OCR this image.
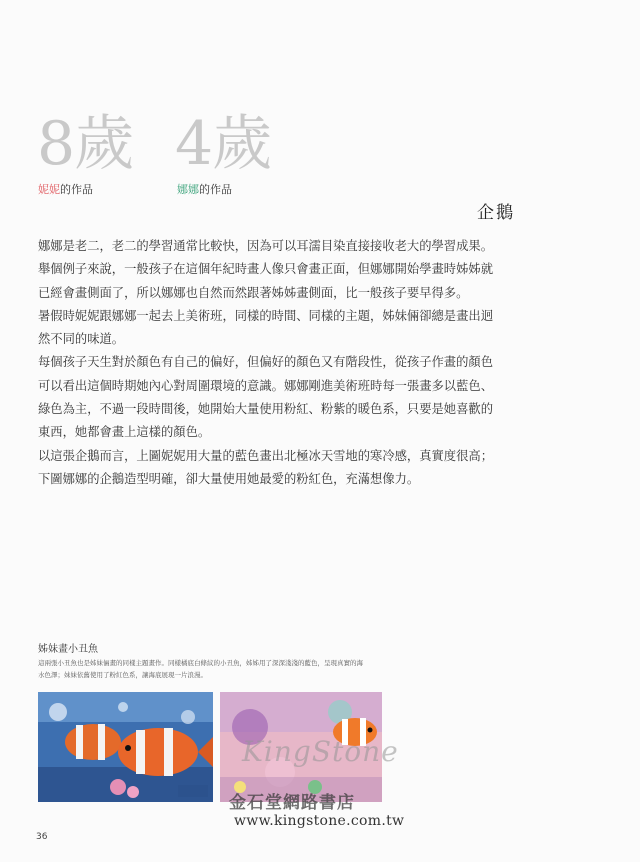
8歲 4歲
妮妮的作品	娜娜的作品
企鵝

娜娜是老二，老二的學習通常比較快，因為可以耳濡目染直接接收老大的學習成果。舉個例子來說，一般孩子在這個年紀時畫人像只會畫正面，但娜娜開始學畫時姊姊就已經會畫側面了，所以娜娜也自然而然跟著姊姊畫側面，比一般孩子要早得多。

暑假時妮妮跟娜娜一起去上美術班，同樣的時間、同樣的主題，姊妹倆卻總是畫出迥然不同的味道。

每個孩子天生對於顏色有自己的偏好，但偏好的顏色又有階段性，從孩子作畫的顏色可以看出這個時期她內心對周圍環境的意識。娜娜剛進美術班時每一張畫多以藍色、綠色為主，不過一段時間後，她開始大量使用粉紅、粉紫的暖色系，只要是她喜歡的東西，她都會畫上這樣的顏色。

以這張企鵝而言，上圖妮妮用大量的藍色畫出北極冰天雪地的寒冷感，真實度很高；下圖娜娜的企鵝造型明確，卻大量使用她最愛的粉紅色，充滿想像力。

姊妹畫小丑魚
這兩張小丑魚也是姊妹倆畫的同樣主題畫作。同樣橘底白條紋的小丑魚，姊姊用了深深淺淺的藍色，呈現真實的海水色澤；妹妹依舊使用了粉紅色系，讓海底展現一片浪漫。
KingStone
金石堂網路書店
www.kingstone.com.tw
36
